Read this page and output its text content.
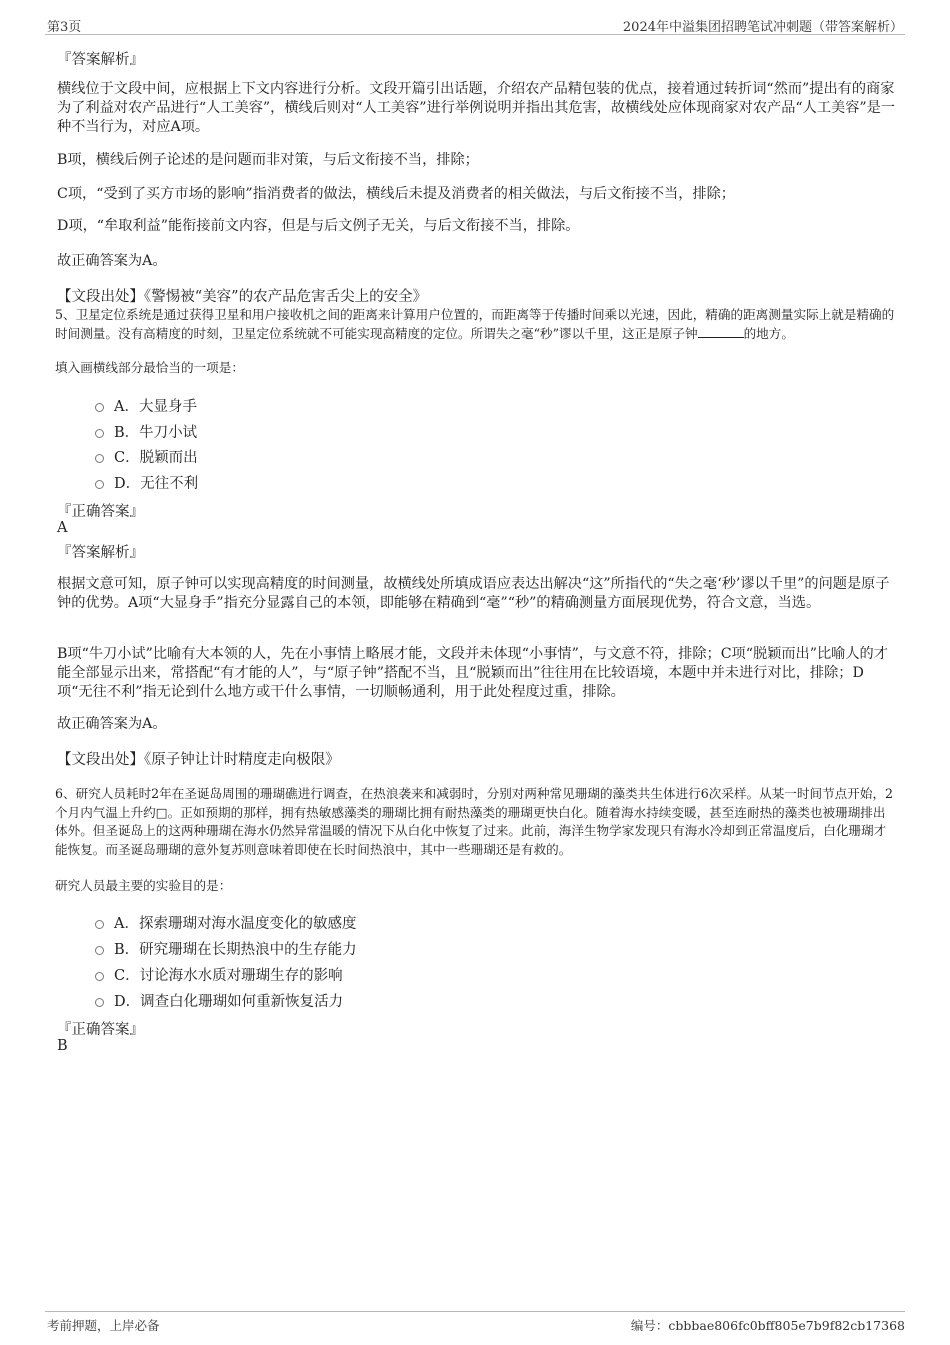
第3页	2024年中溢集团招聘笔试冲刺题（带答案解析）
『答案解析』
横线位于文段中间，应根据上下文内容进行分析。文段开篇引出话题，介绍农产品精包装的优点，接着通过转折词“然而”提出有的商家为了利益对农产品进行“人工美容”，横线后则对“人工美容”进行举例说明并指出其危害，故横线处应体现商家对农产品“人工美容”是一种不当行为，对应A项。
B项，横线后例子论述的是问题而非对策，与后文衔接不当，排除；
C项，“受到了买方市场的影响”指消费者的做法，横线后未提及消费者的相关做法，与后文衔接不当，排除；
D项，“牟取利益”能衔接前文内容，但是与后文例子无关，与后文衔接不当，排除。
故正确答案为A。
【文段出处】《警惕被“美容”的农产品危害舌尖上的安全》
5、卫星定位系统是通过获得卫星和用户接收机之间的距离来计算用户位置的，而距离等于传播时间乘以光速，因此，精确的距离测量实际上就是精确的时间测量。没有高精度的时刻，卫星定位系统就不可能实现高精度的定位。所谓失之毫“秒”谬以千里，这正是原子钟	的地方。
填入画横线部分最恰当的一项是：
A． 大显身手
B． 牛刀小试
C． 脱颖而出
D． 无往不利
『正确答案』
A
『答案解析』
根据文意可知，原子钟可以实现高精度的时间测量，故横线处所填成语应表达出解决“这”所指代的“失之毫‘秒’谬以千里”的问题是原子钟的优势。A项“大显身手”指充分显露自己的本领，即能够在精确到“毫”“秒”的精确测量方面展现优势，符合文意，当选。
B项“牛刀小试”比喻有大本领的人，先在小事情上略展才能，文段并未体现“小事情”，与文意不符，排除；C项“脱颖而出”比喻人的才能全部显示出来，常搭配“有才能的人”，与“原子钟”搭配不当，且“脱颖而出”往往用在比较语境，本题中并未进行对比，排除；D项“无往不利”指无论到什么地方或干什么事情，一切顺畅通利，用于此处程度过重，排除。
故正确答案为A。
【文段出处】《原子钟让计时精度走向极限》
6、研究人员耗时2年在圣诞岛周围的珊瑚礁进行调查，在热浪袭来和减弱时，分别对两种常见珊瑚的藻类共生体进行6次采样。从某一时间节点开始，2个月内气温上升约□。正如预期的那样，拥有热敏感藻类的珊瑚比拥有耐热藻类的珊瑚更快白化。随着海水持续变暖，甚至连耐热的藻类也被珊瑚排出体外。但圣诞岛上的这两种珊瑚在海水仍然异常温暖的情况下从白化中恢复了过来。此前，海洋生物学家发现只有海水冷却到正常温度后，白化珊瑚才能恢复。而圣诞岛珊瑚的意外复苏则意味着即使在长时间热浪中，其中一些珊瑚还是有救的。
研究人员最主要的实验目的是：
A． 探索珊瑚对海水温度变化的敏感度
B． 研究珊瑚在长期热浪中的生存能力
C． 讨论海水水质对珊瑚生存的影响
D． 调查白化珊瑚如何重新恢复活力
『正确答案』
B
考前押题，上岸必备	编号：cbbbae806fc0bff805e7b9f82cb17368
